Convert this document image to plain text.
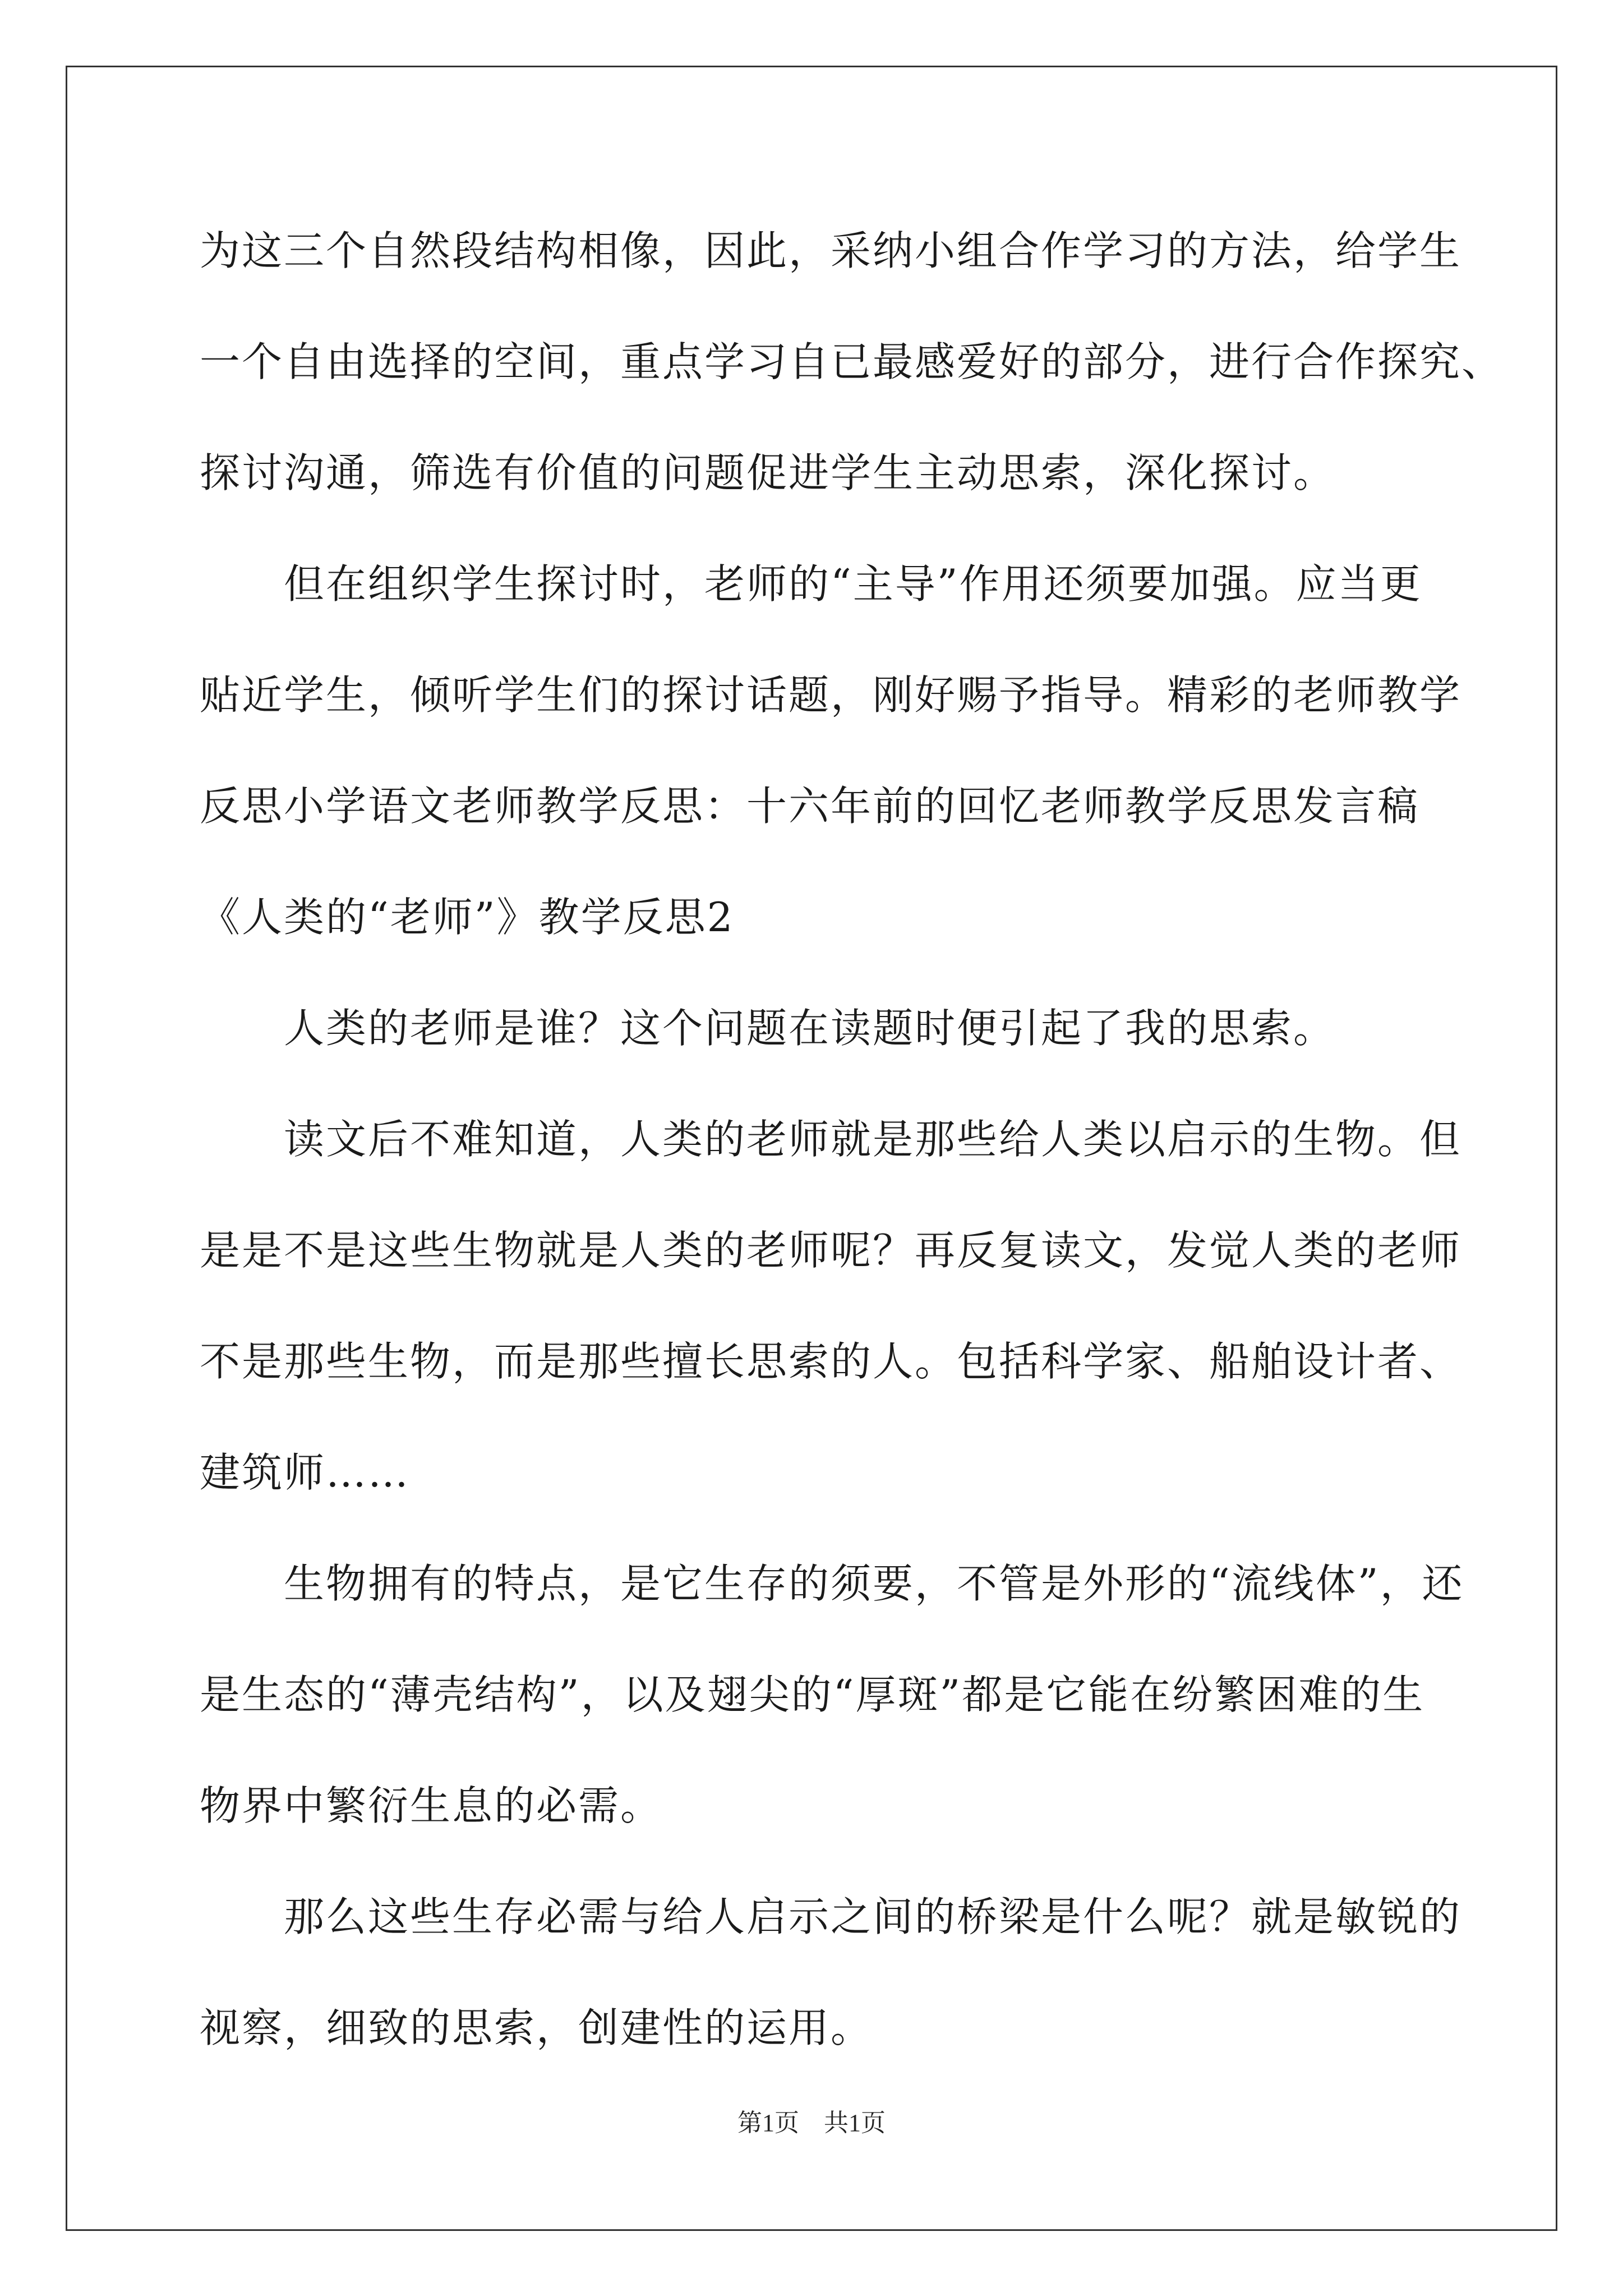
为这三个自然段结构相像，因此，采纳小组合作学习的方法，给学生
一个自由选择的空间，重点学习自已最感爱好的部分，进行合作探究、
探讨沟通，筛选有价值的问题促进学生主动思索，深化探讨。
但在组织学生探讨时，老师的“主导”作用还须要加强。应当更
贴近学生，倾听学生们的探讨话题，刚好赐予指导。精彩的老师教学
反思小学语文老师教学反思：十六年前的回忆老师教学反思发言稿
《人类的“老师”》教学反思2
人类的老师是谁？这个问题在读题时便引起了我的思索。
读文后不难知道，人类的老师就是那些给人类以启示的生物。但
是是不是这些生物就是人类的老师呢？再反复读文，发觉人类的老师
不是那些生物，而是那些擅长思索的人。包括科学家、船舶设计者、
建筑师……
生物拥有的特点，是它生存的须要，不管是外形的“流线体”，还
是生态的“薄壳结构”，以及翅尖的“厚斑”都是它能在纷繁困难的生
物界中繁衍生息的必需。
那么这些生存必需与给人启示之间的桥梁是什么呢？就是敏锐的
视察，细致的思索，创建性的运用。
第1页　共1页
